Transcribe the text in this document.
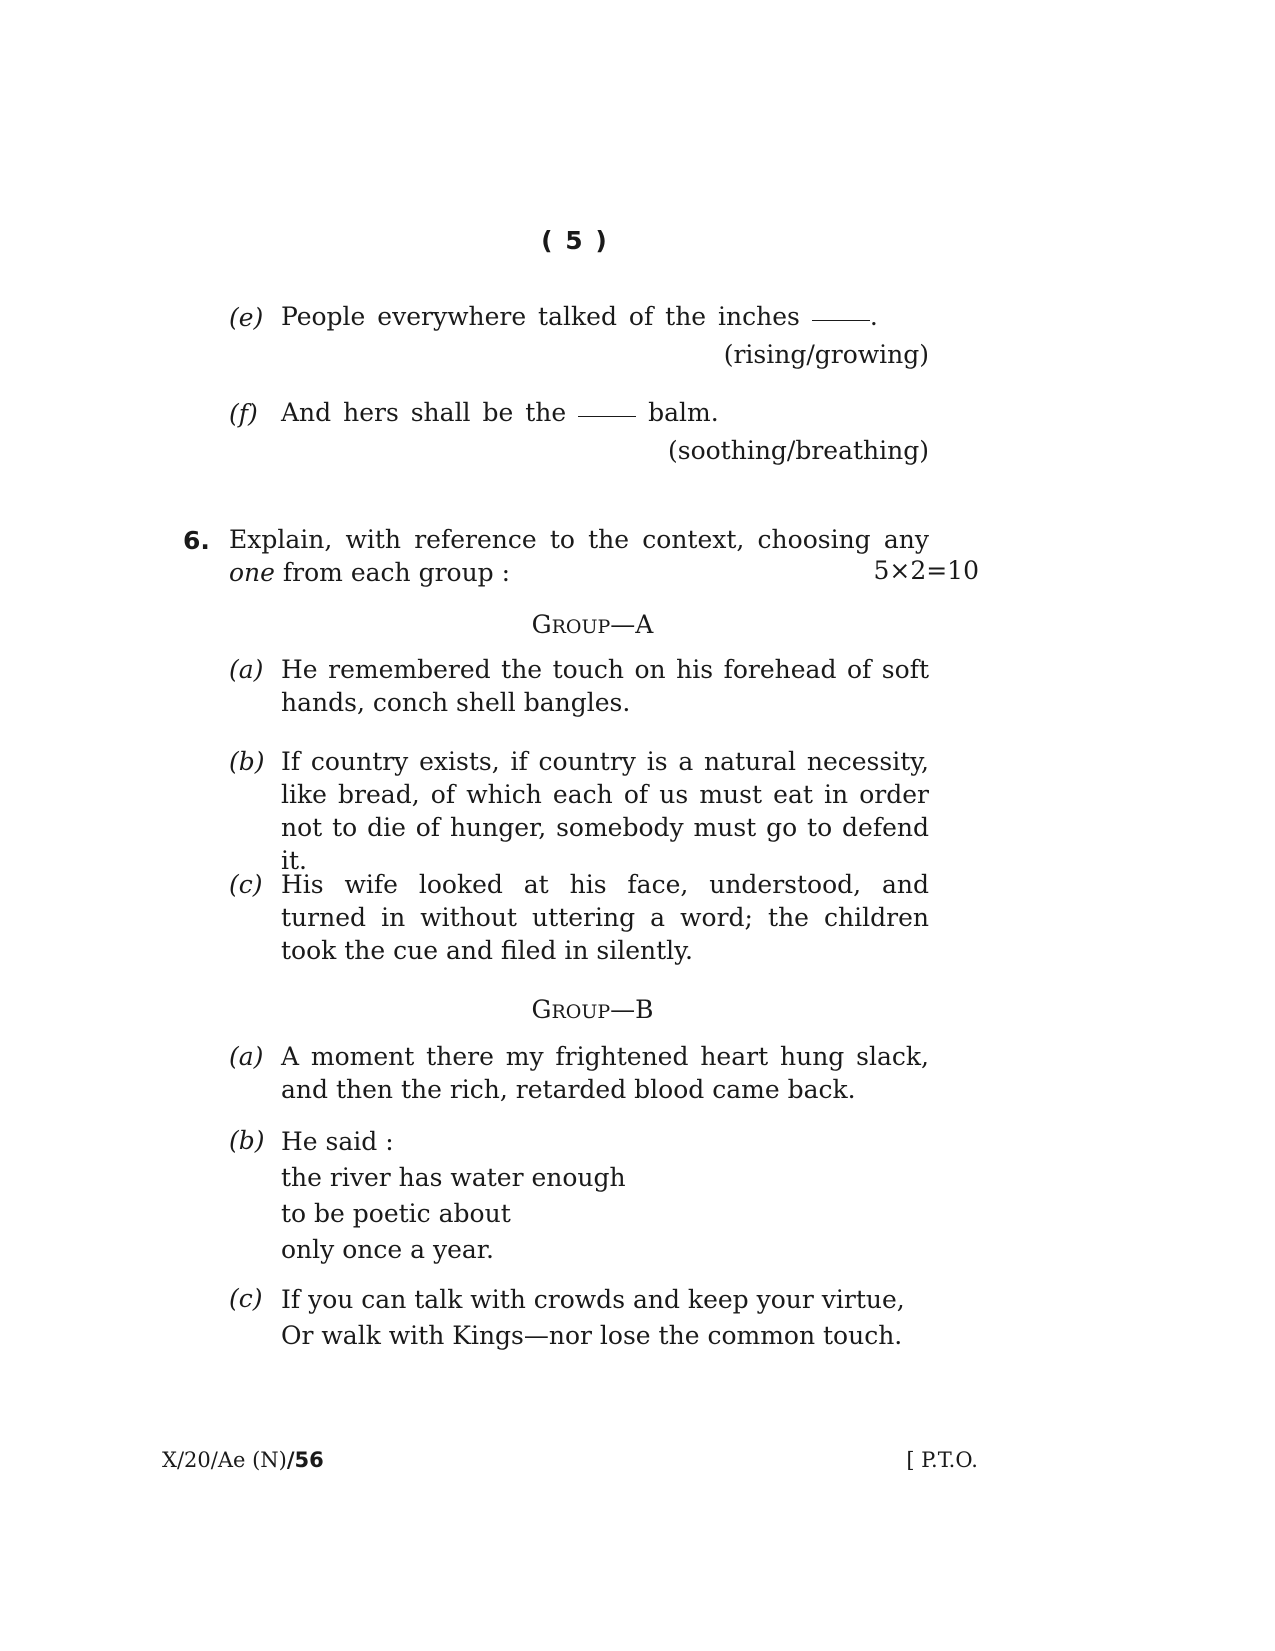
( 5 )
(e) People everywhere talked of the inches	.
(rising/growing)
(f) And hers shall be the	balm.
(soothing/breathing)
6. Explain, with reference to the context, choosing any
one from each group :	5×2=10
GROUP—A
(a) He remembered the touch on his forehead of soft hands, conch shell bangles.
(b) If country exists, if country is a natural necessity, like bread, of which each of us must eat in order not to die of hunger, somebody must go to defend it.
(c) His wife looked at his face, understood, and turned in without uttering a word; the children took the cue and filed in silently.
GROUP—B
(a) A moment there my frightened heart hung slack, and then the rich, retarded blood came back.
(b) He said :
the river has water enough
to be poetic about
only once a year.
(c) If you can talk with crowds and keep your virtue,
Or walk with Kings—nor lose the common touch.
X/20/Ae (N)/56	[ P.T.O.
